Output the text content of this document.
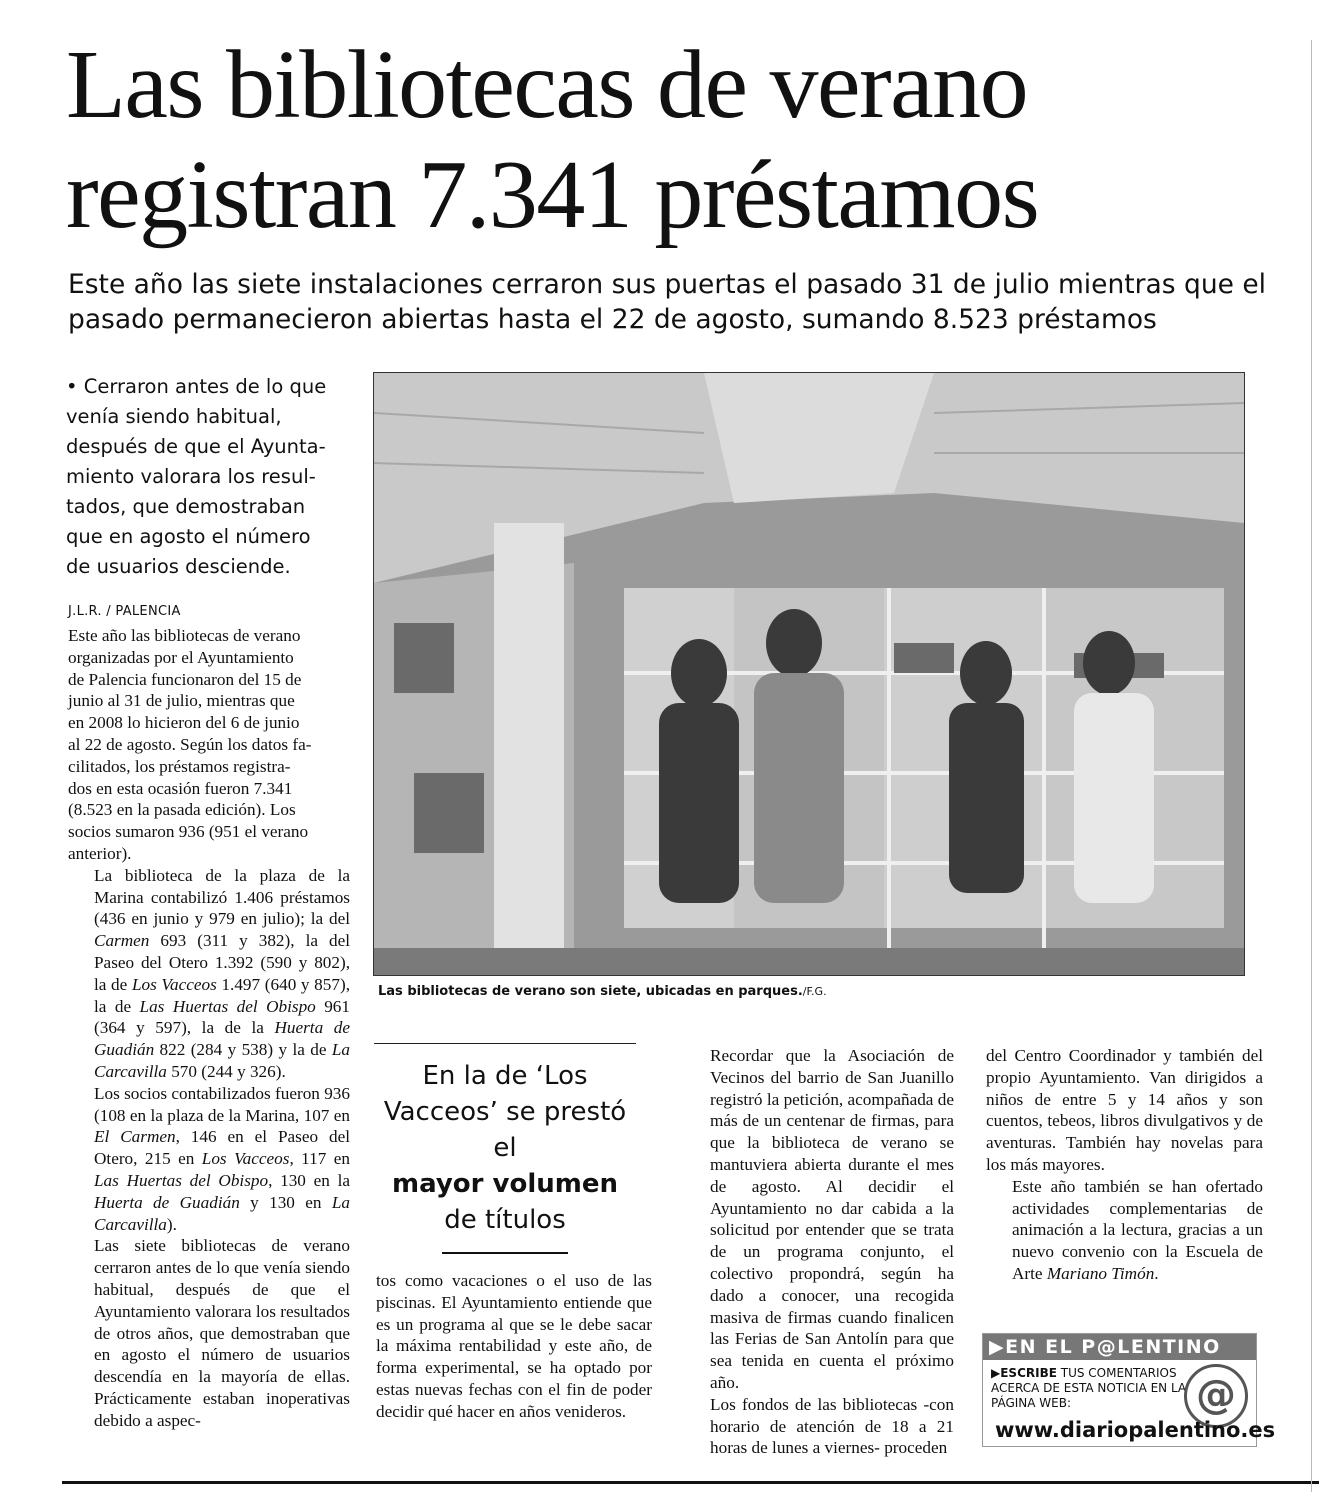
Las bibliotecas de verano
registran 7.341 préstamos
Este año las siete instalaciones cerraron sus puertas el pasado 31 de julio mientras que el
pasado permanecieron abiertas hasta el 22 de agosto, sumando 8.523 préstamos
• Cerraron antes de lo que
venía siendo habitual,
después de que el Ayunta-
miento valorara los resul-
tados, que demostraban
que en agosto el número
de usuarios desciende.
J.L.R. / PALENCIA
Este año las bibliotecas de verano
organizadas por el Ayuntamiento
de Palencia funcionaron del 15 de
junio al 31 de julio, mientras que
en 2008 lo hicieron del 6 de junio
al 22 de agosto. Según los datos fa-
cilitados, los préstamos registra-
dos en esta ocasión fueron 7.341
(8.523 en la pasada edición). Los
socios sumaron 936 (951 el verano
anterior).
La biblioteca de la plaza de la Marina contabilizó 1.406 préstamos (436 en junio y 979 en julio); la del Carmen 693 (311 y 382), la del Paseo del Otero 1.392 (590 y 802), la de Los Vacceos 1.497 (640 y 857), la de Las Huertas del Obispo 961 (364 y 597), la de la Huerta de Guadián 822 (284 y 538) y la de La Carcavilla 570 (244 y 326).
Los socios contabilizados fueron 936 (108 en la plaza de la Marina, 107 en El Carmen, 146 en el Paseo del Otero, 215 en Los Vacceos, 117 en Las Huertas del Obispo, 130 en la Huerta de Guadián y 130 en La Carcavilla).
Las siete bibliotecas de verano cerraron antes de lo que venía siendo habitual, después de que el Ayuntamiento valorara los resultados de otros años, que demostraban que en agosto el número de usuarios descendía en la mayoría de ellas. Prácticamente estaban inoperativas debido a aspec-
Las bibliotecas de verano son siete, ubicadas en parques./F.G.
En la de ‘Los
Vacceos’ se prestó
el
mayor volumen
de títulos
tos como vacaciones o el uso de las piscinas. El Ayuntamiento entiende que es un programa al que se le debe sacar la máxima rentabilidad y este año, de forma experimental, se ha optado por estas nuevas fechas con el fin de poder decidir qué hacer en años venideros.
Recordar que la Asociación de Vecinos del barrio de San Juanillo registró la petición, acompañada de más de un centenar de firmas, para que la biblioteca de verano se mantuviera abierta durante el mes de agosto. Al decidir el Ayuntamiento no dar cabida a la solicitud por entender que se trata de un programa conjunto, el colectivo propondrá, según ha dado a conocer, una recogida masiva de firmas cuando finalicen las Ferias de San Antolín para que sea tenida en cuenta el próximo año.
Los fondos de las bibliotecas -con horario de atención de 18 a 21 horas de lunes a viernes- proceden
del Centro Coordinador y también del propio Ayuntamiento. Van dirigidos a niños de entre 5 y 14 años y son cuentos, tebeos, libros divulgativos y de aventuras. También hay novelas para los más mayores.
Este año también se han ofertado actividades complementarias de animación a la lectura, gracias a un nuevo convenio con la Escuela de Arte Mariano Timón.
▶EN EL P@LENTINO
▶ESCRIBE TUS COMENTARIOS ACERCA DE ESTA NOTICIA EN LA PÁGINA WEB:	@
www.diariopalentino.es
